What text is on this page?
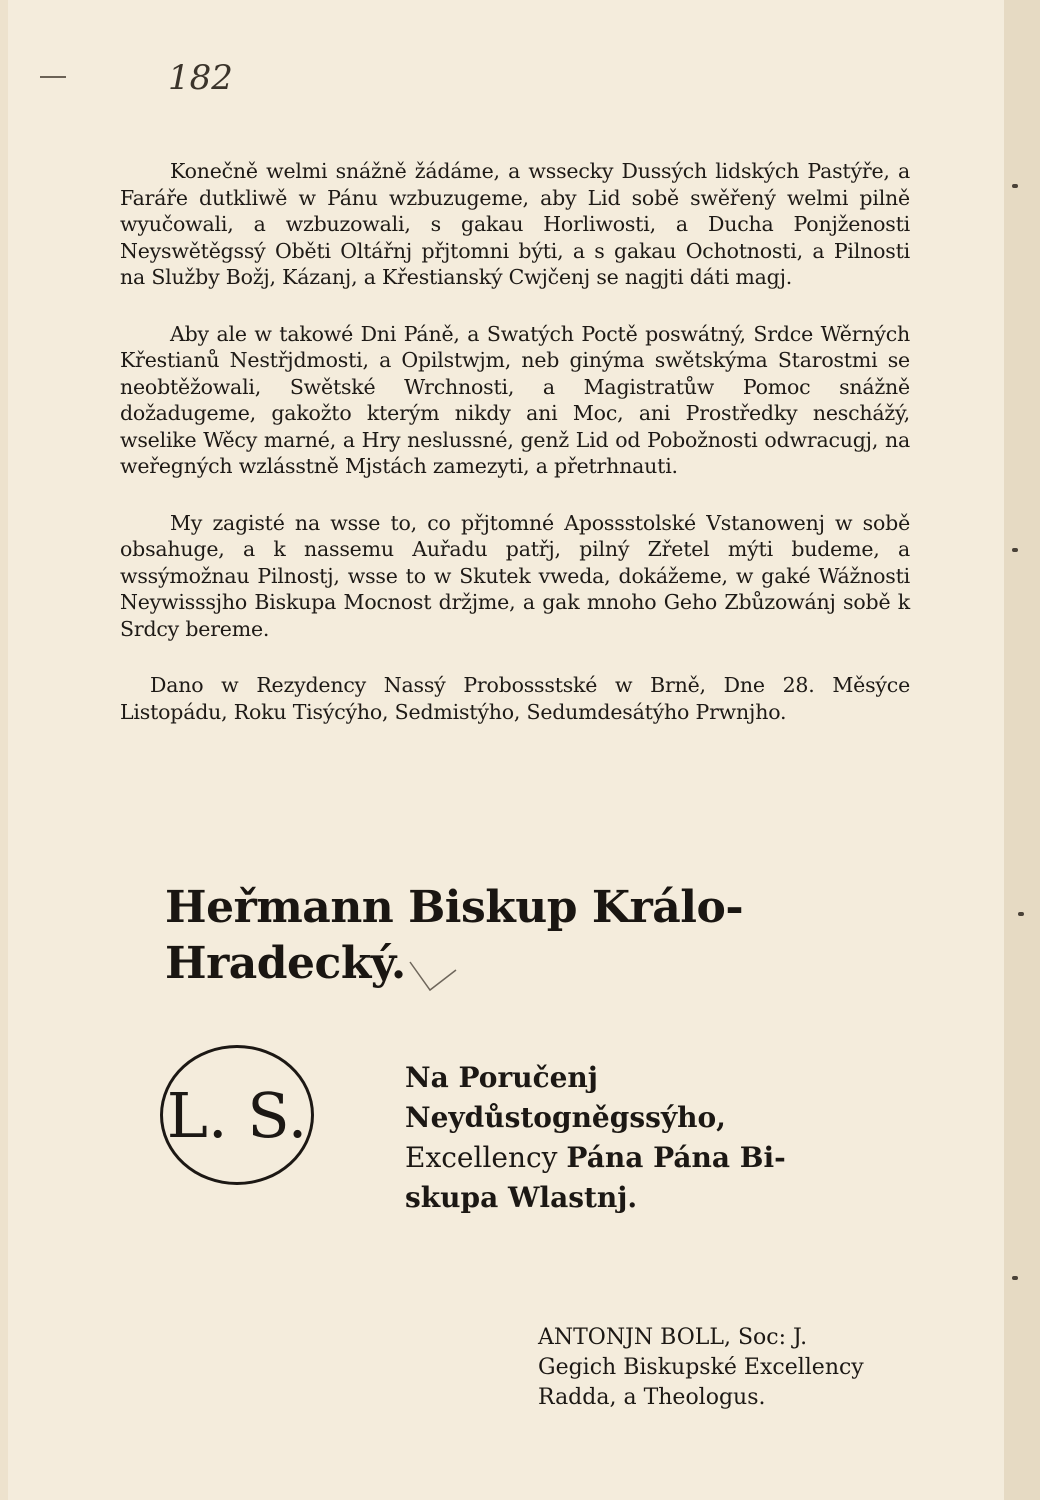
182

Konečně welmi snážně žádáme, a wssecky Dussých lidských Pastýře, a Faráře dutkliwě w Pánu wzbuzugeme, aby Lid sobě swěřený welmi pilně wyučowali, a wzbuzowali, s gakau Horliwosti, a Ducha Ponjženosti Neyswětěgssý Oběti Oltářnj přjtomni býti, a s gakau Ochotnosti, a Pilnosti na Služby Božj, Kázanj, a Křestianský Cwjčenj se nagjti dáti magj.

Aby ale w takowé Dni Páně, a Swatých Poctě poswátný, Srdce Wěrných Křestianů Nestřjdmosti, a Opilstwjm, neb ginýma swětskýma Starostmi se neobtěžowali, Swětské Wrchnosti, a Magistratůw Pomoc snážně dožadugeme, gakožto kterým nikdy ani Moc, ani Prostředky neschážý, wselike Wěcy marné, a Hry neslussné, genž Lid od Pobožnosti odwracugj, na weřegných wzlásstně Mjstách zamezyti, a přetrhnauti.

My zagisté na wsse to, co přjtomné Apossstolské Vstanowenj w sobě obsahuge, a k nassemu Auřadu patřj, pilný Zřetel mýti budeme, a wssýmožnau Pilnostj, wsse to w Skutek vweda, dokážeme, w gaké Wážnosti Neywisssjho Biskupa Mocnost držjme, a gak mnoho Geho Zbůzowánj sobě k Srdcy bereme.

Dano w Rezydency Nassý Probossstské w Brně, Dne 28. Měsýce Listopádu, Roku Tisýcýho, Sedmistýho, Sedumdesátýho Prwnjho.

Heřmann Biskup Králo-Hradecký.
L. S.
Na Poručenj Neydůstogněgssýho,
Excellency Pána Pána Bi-
skupa Wlastnj.
ANTONJN BOLL, Soc: J.
Gegich Biskupské Excellency
Radda, a Theologus.
